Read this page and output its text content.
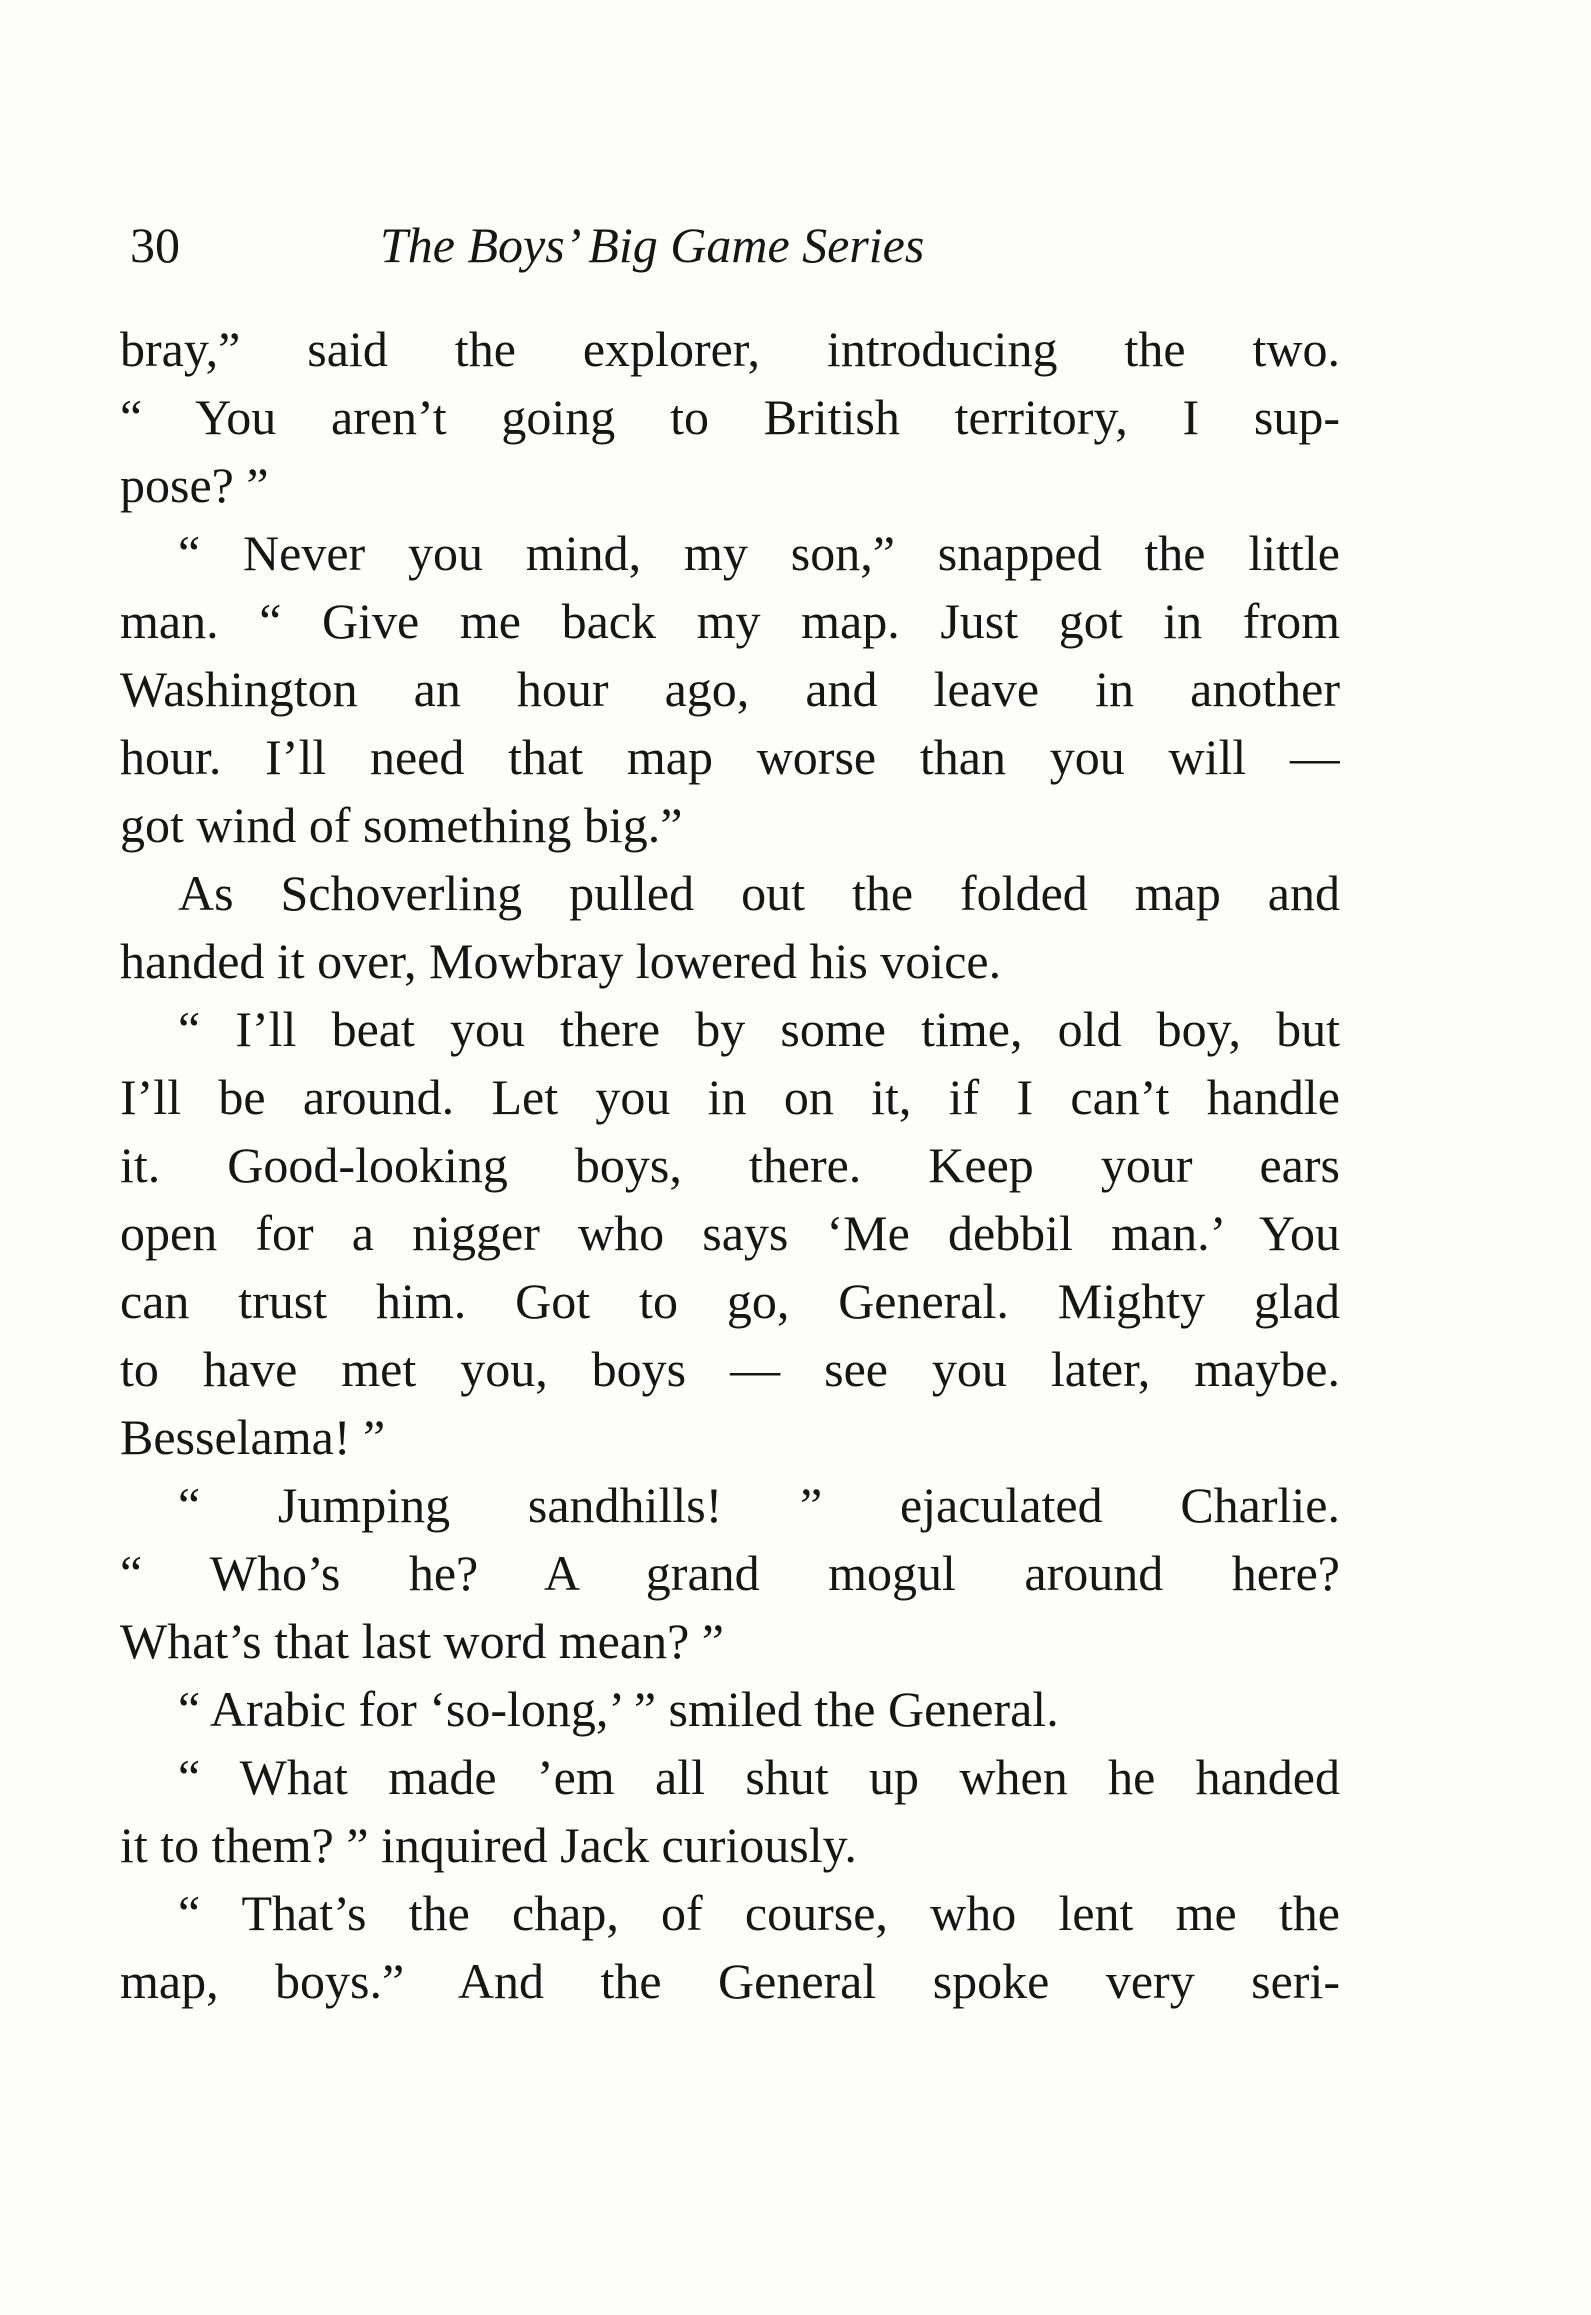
30	The Boys’ Big Game Series
bray,” said the explorer, introducing the two.
“ You aren’t going to British territory, I sup-
pose? ”
“ Never you mind, my son,” snapped the little
man. “ Give me back my map. Just got in from
Washington an hour ago, and leave in another
hour. I’ll need that map worse than you will —
got wind of something big.”
As Schoverling pulled out the folded map and
handed it over, Mowbray lowered his voice.
“ I’ll beat you there by some time, old boy, but
I’ll be around. Let you in on it, if I can’t handle
it. Good-looking boys, there. Keep your ears
open for a nigger who says ‘Me debbil man.’ You
can trust him. Got to go, General. Mighty glad
to have met you, boys — see you later, maybe.
Besselama! ”
“ Jumping sandhills! ” ejaculated Charlie.
“ Who’s he? A grand mogul around here?
What’s that last word mean? ”
“ Arabic for ‘so-long,’ ” smiled the General.
“ What made ’em all shut up when he handed
it to them? ” inquired Jack curiously.
“ That’s the chap, of course, who lent me the
map, boys.” And the General spoke very seri-
